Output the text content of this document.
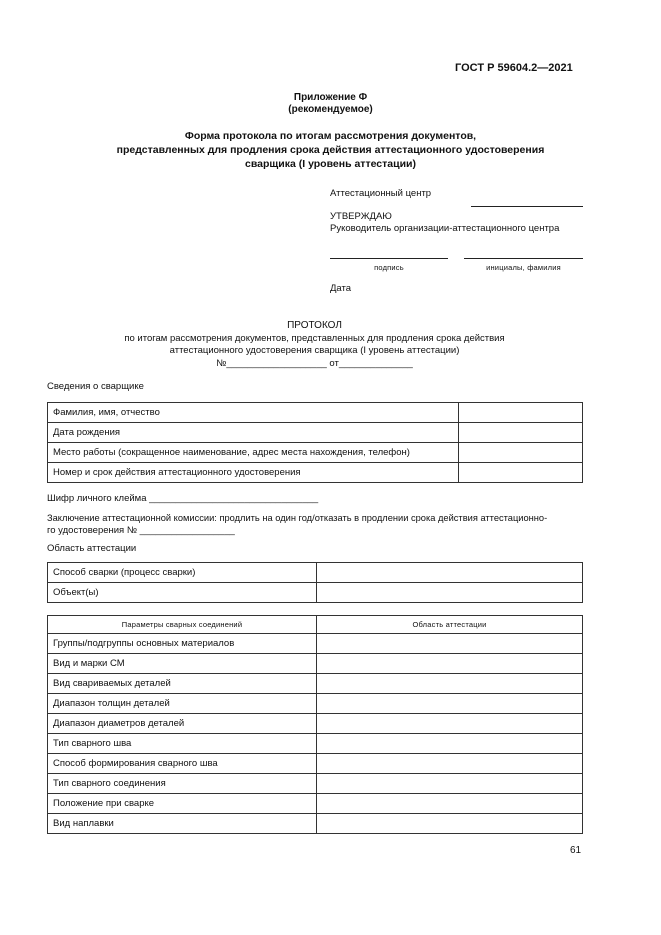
ГОСТ Р 59604.2—2021
Приложение Ф
(рекомендуемое)
Форма протокола по итогам рассмотрения документов,
представленных для продления срока действия аттестационного удостоверения
сварщика (I уровень аттестации)
Аттестационный центр
УТВЕРЖДАЮ
Руководитель организации-аттестационного центра
подпись	инициалы, фамилия
Дата
ПРОТОКОЛ
по итогам рассмотрения документов, представленных для продления срока действия
аттестационного удостоверения сварщика (I уровень аттестации)
№___________________ от______________
Сведения о сварщике
Фамилия, имя, отчество	
Дата рождения	
Место работы (сокращенное наименование, адрес места нахождения, телефон)	
Номер и срок действия аттестационного удостоверения	
Шифр личного клейма ________________________________
Заключение аттестационной комиссии: продлить на один год/отказать в продлении срока действия аттестационно-
го удостоверения № __________________
Область аттестации
Способ сварки (процесс сварки)	
Объект(ы)	
Параметры сварных соединений	Область аттестации
Группы/подгруппы основных материалов	
Вид и марки СМ	
Вид свариваемых деталей	
Диапазон толщин деталей	
Диапазон диаметров деталей	
Тип сварного шва	
Способ формирования сварного шва	
Тип сварного соединения	
Положение при сварке	
Вид наплавки	
61
